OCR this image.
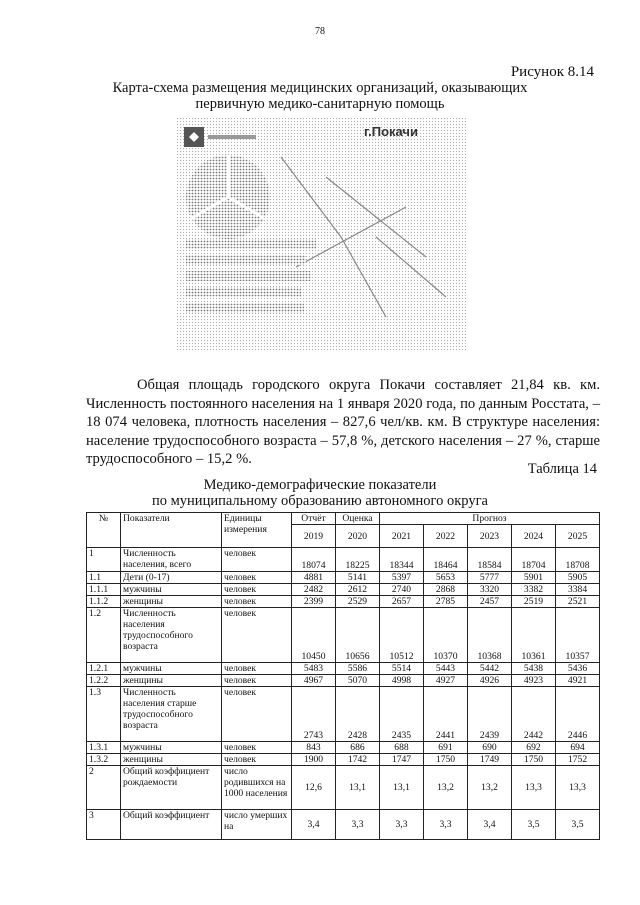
78
Рисунок 8.14
Карта-схема размещения медицинских организаций, оказывающих
первичную медико-санитарную помощь
г.Покачи

Общая площадь городского округа Покачи составляет 21,84 кв. км. Численность постоянного населения на 1 января 2020 года, по данным Росстата, – 18 074 человека, плотность населения – 827,6 чел/кв. км. В структуре населения: население трудоспособного возраста – 57,8 %, детского населения – 27 %, старше трудоспособного – 15,2 %.

Таблица 14
Медико-демографические показатели
по муниципальному образованию автономного округа
№	Показатели	Единицы измерения	Отчёт	Оценка	Прогноз				
			2019	2020	2021	2022	2023	2024	2025
1	Численность населения, всего	человек	18074	18225	18344	18464	18584	18704	18708
1.1	Дети (0-17)	человек	4881	5141	5397	5653	5777	5901	5905
1.1.1	мужчины	человек	2482	2612	2740	2868	3320	3382	3384
1.1.2	женщины	человек	2399	2529	2657	2785	2457	2519	2521
1.2	Численность населения трудоспособного возраста	человек	10450	10656	10512	10370	10368	10361	10357
1.2.1	мужчины	человек	5483	5586	5514	5443	5442	5438	5436
1.2.2	женщины	человек	4967	5070	4998	4927	4926	4923	4921
1.3	Численность населения старше трудоспособного возраста	человек	2743	2428	2435	2441	2439	2442	2446
1.3.1	мужчины	человек	843	686	688	691	690	692	694
1.3.2	женщины	человек	1900	1742	1747	1750	1749	1750	1752
2	Общий коэффициент рождаемости	число родившихся на 1000 населения	12,6	13,1	13,1	13,2	13,2	13,3	13,3
3	Общий коэффициент	число умерших на	3,4	3,3	3,3	3,3	3,4	3,5	3,5
